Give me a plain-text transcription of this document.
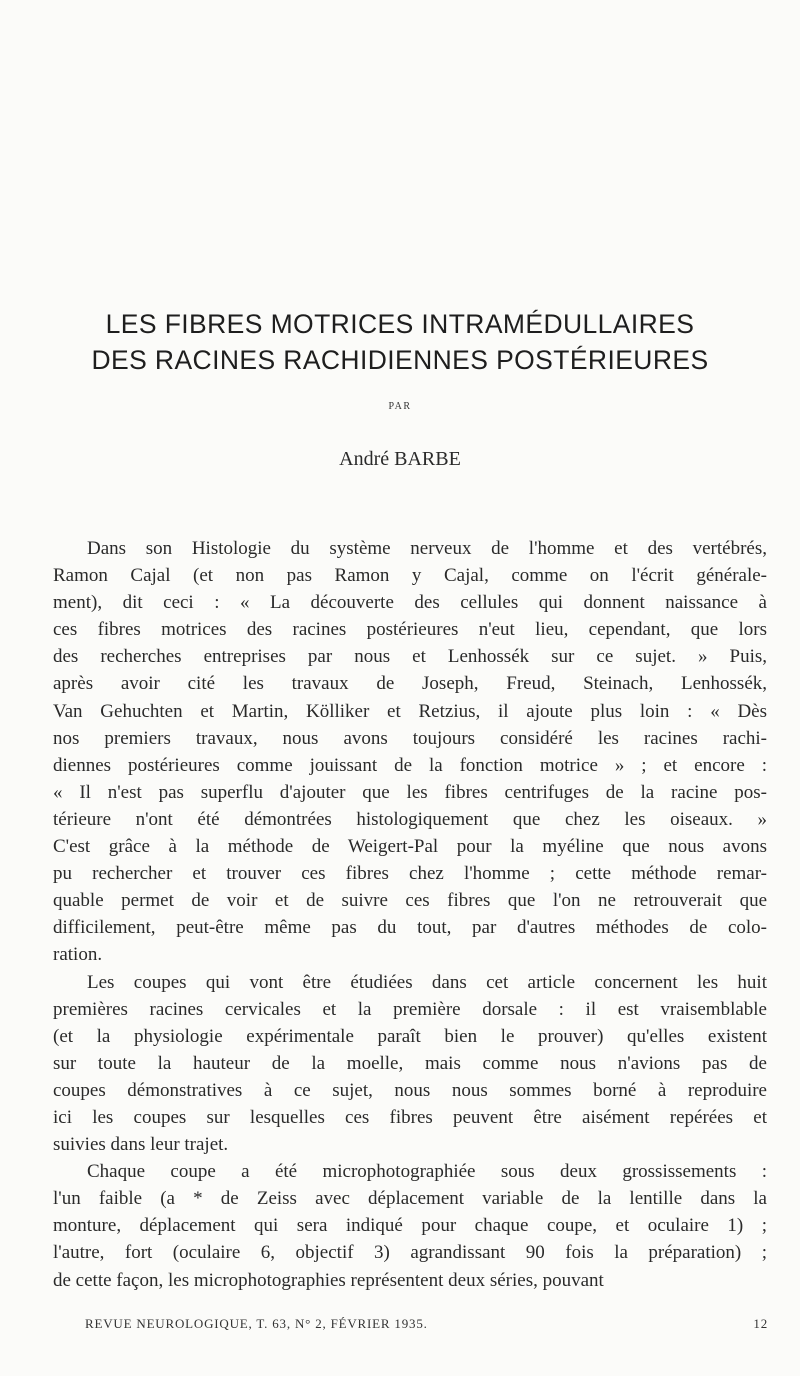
LES FIBRES MOTRICES INTRAMÉDULLAIRES
DES RACINES RACHIDIENNES POSTÉRIEURES
PAR
André BARBE
Dans son Histologie du système nerveux de l'homme et des vertébrés,
Ramon Cajal (et non pas Ramon y Cajal, comme on l'écrit générale-
ment), dit ceci : « La découverte des cellules qui donnent naissance à
ces fibres motrices des racines postérieures n'eut lieu, cependant, que lors
des recherches entreprises par nous et Lenhossék sur ce sujet. » Puis,
après avoir cité les travaux de Joseph, Freud, Steinach, Lenhossék,
Van Gehuchten et Martin, Kölliker et Retzius, il ajoute plus loin : « Dès
nos premiers travaux, nous avons toujours considéré les racines rachi-
diennes postérieures comme jouissant de la fonction motrice » ; et encore :
« Il n'est pas superflu d'ajouter que les fibres centrifuges de la racine pos-
térieure n'ont été démontrées histologiquement que chez les oiseaux. »
C'est grâce à la méthode de Weigert-Pal pour la myéline que nous avons
pu rechercher et trouver ces fibres chez l'homme ; cette méthode remar-
quable permet de voir et de suivre ces fibres que l'on ne retrouverait que
difficilement, peut-être même pas du tout, par d'autres méthodes de colo-
ration.
Les coupes qui vont être étudiées dans cet article concernent les huit
premières racines cervicales et la première dorsale : il est vraisemblable
(et la physiologie expérimentale paraît bien le prouver) qu'elles existent
sur toute la hauteur de la moelle, mais comme nous n'avions pas de
coupes démonstratives à ce sujet, nous nous sommes borné à reproduire
ici les coupes sur lesquelles ces fibres peuvent être aisément repérées et
suivies dans leur trajet.
Chaque coupe a été microphotographiée sous deux grossissements :
l'un faible (a * de Zeiss avec déplacement variable de la lentille dans la
monture, déplacement qui sera indiqué pour chaque coupe, et oculaire 1) ;
l'autre, fort (oculaire 6, objectif 3) agrandissant 90 fois la préparation) ;
de cette façon, les microphotographies représentent deux séries, pouvant
REVUE NEUROLOGIQUE, T. 63, N° 2, FÉVRIER 1935.	12
